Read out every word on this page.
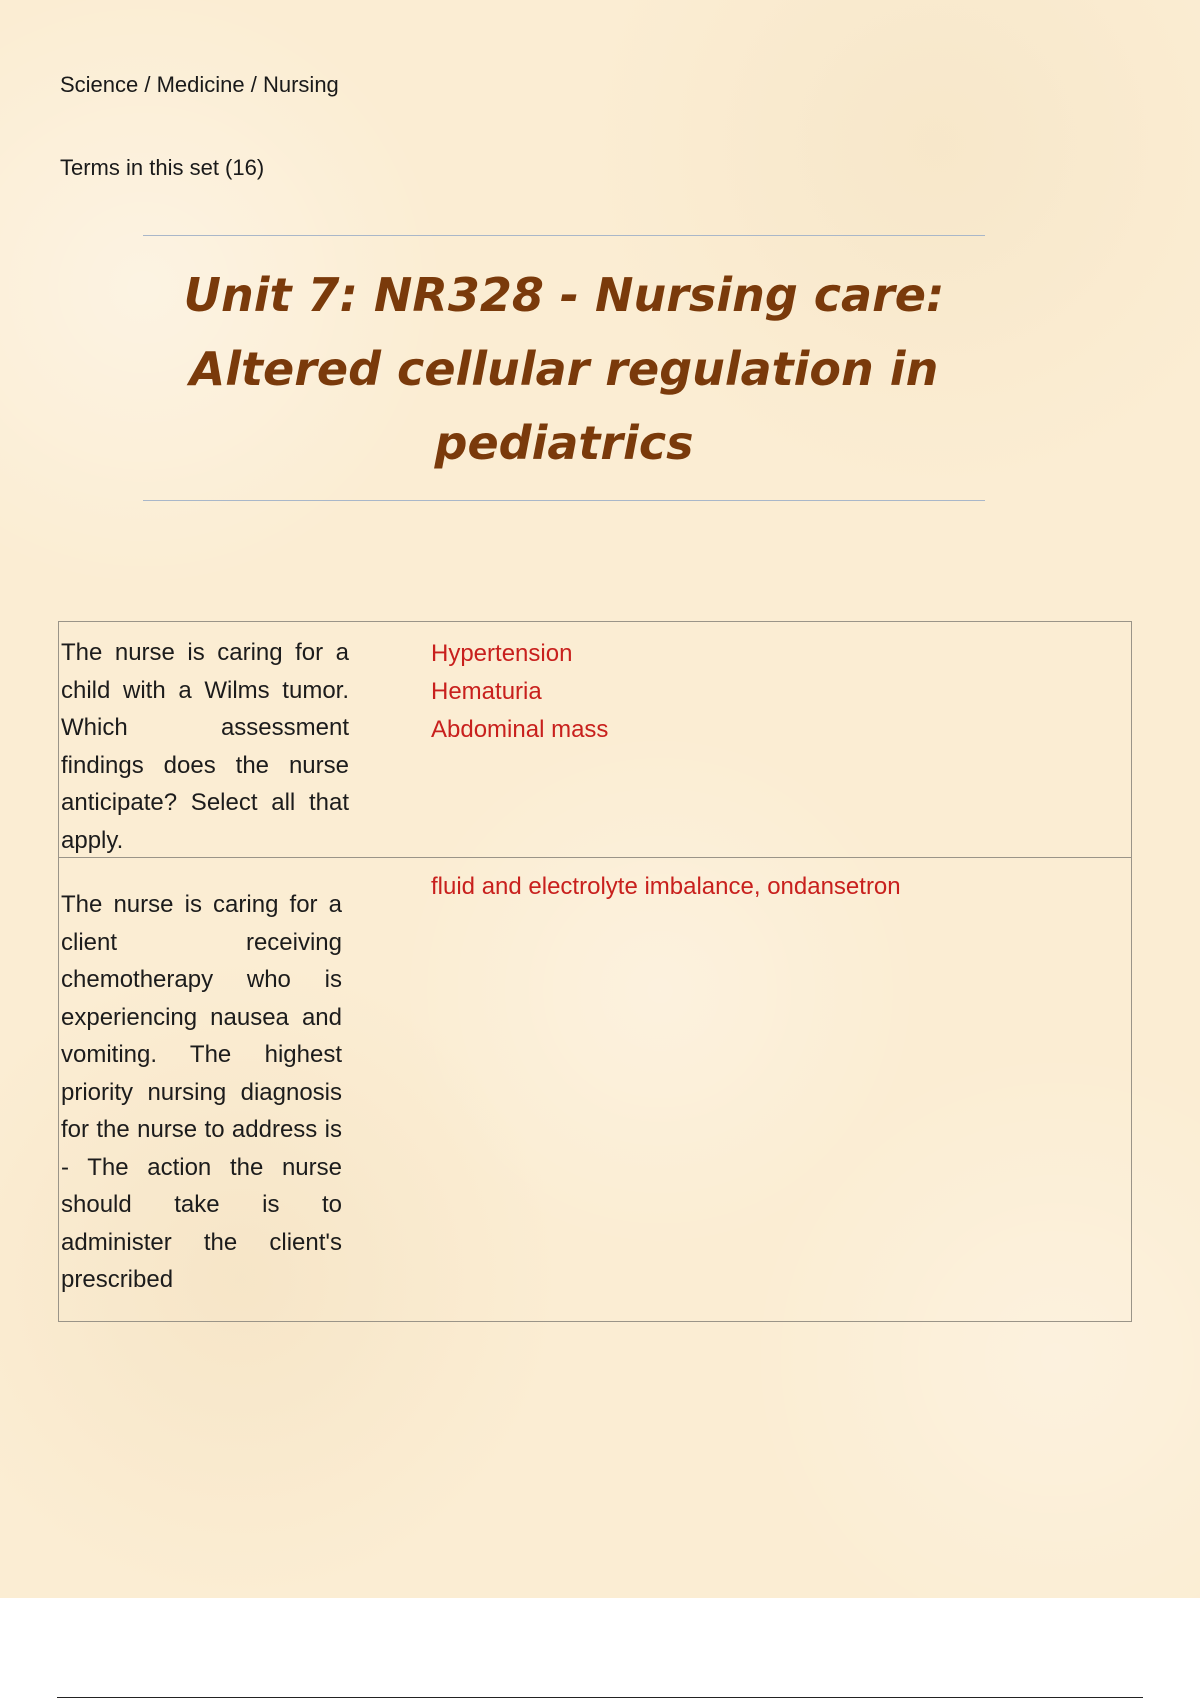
Science / Medicine / Nursing
Terms in this set (16)
Unit 7: NR328 - Nursing care:
Altered cellular regulation in
pediatrics
The nurse is caring for a child with a Wilms tumor. Which assessment findings does the nurse anticipate? Select all that apply.
Hypertension
Hematuria
Abdominal mass
The nurse is caring for a client receiving chemotherapy who is experiencing nausea and vomiting. The highest priority nursing diagnosis for the nurse to address is - The action the nurse should take is to administer the client's prescribed
fluid and electrolyte imbalance, ondansetron
